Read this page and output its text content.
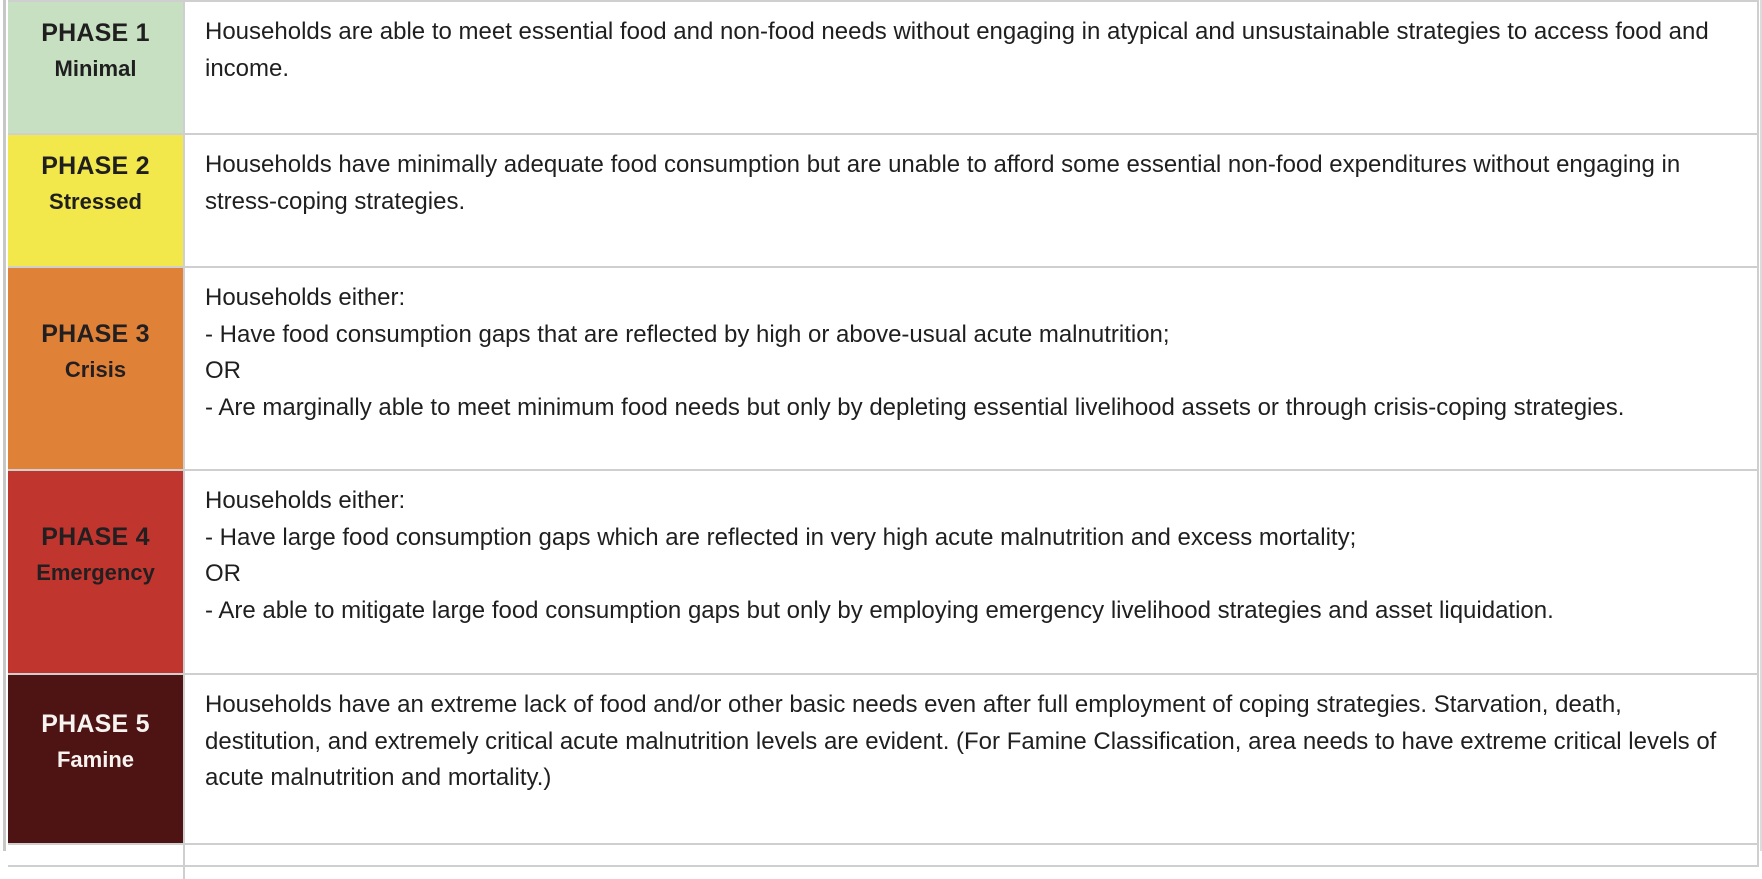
PHASE 1
Minimal
Households are able to meet essential food and non-food needs without engaging in atypical and unsustainable strategies to access food and income.
PHASE 2
Stressed
Households have minimally adequate food consumption but are unable to afford some essential non-food expenditures without engaging in stress-coping strategies.
PHASE 3
Crisis
Households either:
- Have food consumption gaps that are reflected by high or above-usual acute malnutrition;
OR
- Are marginally able to meet minimum food needs but only by depleting essential livelihood assets or through crisis-coping strategies.
PHASE 4
Emergency
Households either:
- Have large food consumption gaps which are reflected in very high acute malnutrition and excess mortality;
OR
- Are able to mitigate large food consumption gaps but only by employing emergency livelihood strategies and asset liquidation.
PHASE 5
Famine
Households have an extreme lack of food and/or other basic needs even after full employment of coping strategies. Starvation, death, destitution, and extremely critical acute malnutrition levels are evident. (For Famine Classification, area needs to have extreme critical levels of acute malnutrition and mortality.)
